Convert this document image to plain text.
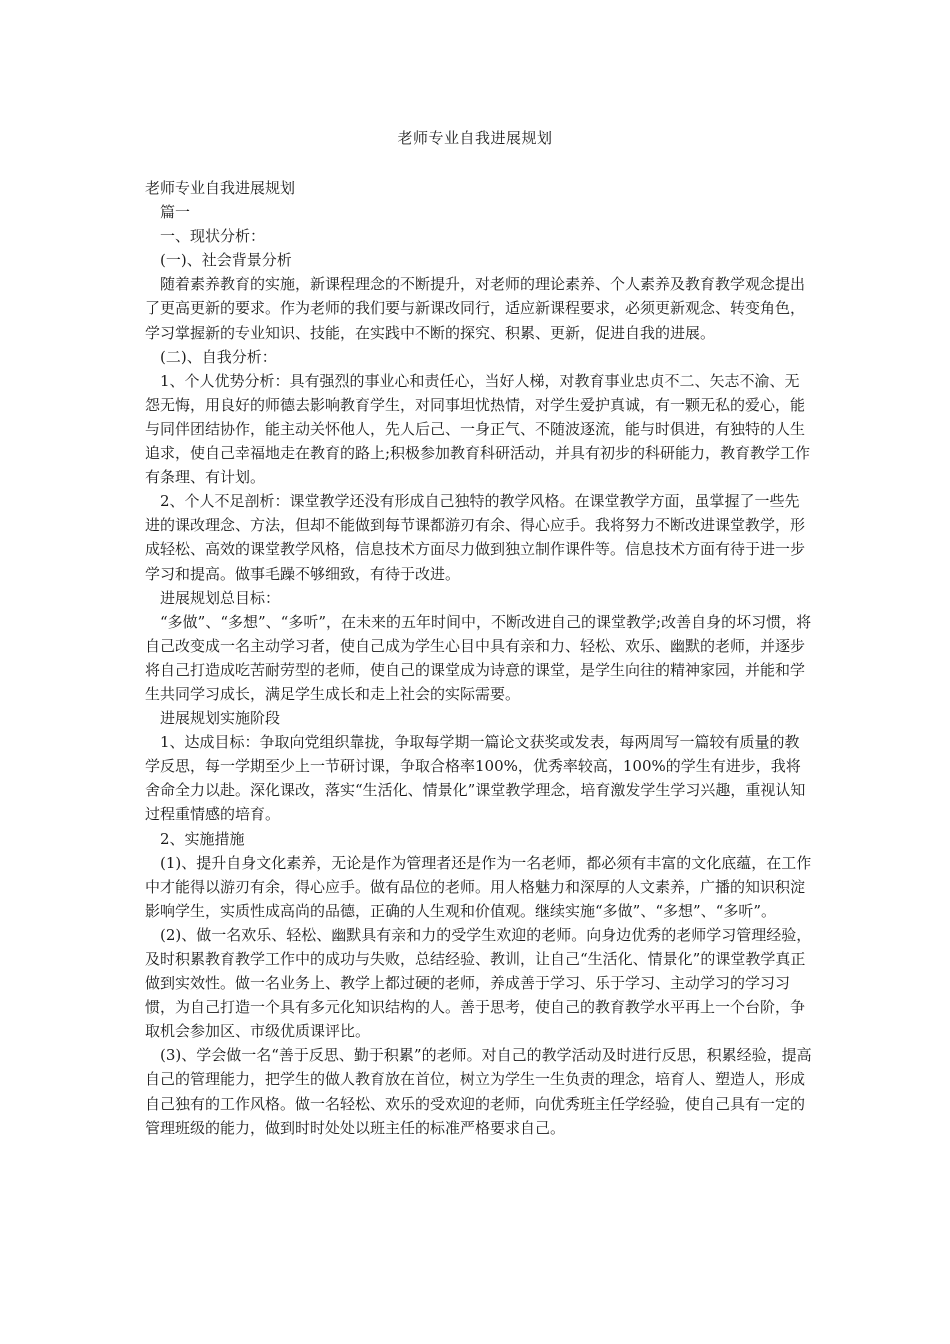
老师专业自我进展规划

老师专业自我进展规划

篇一

一、现状分析：

(一)、社会背景分析

随着素养教育的实施，新课程理念的不断提升，对老师的理论素养、个人素养及教育教学观念提出了更高更新的要求。作为老师的我们要与新课改同行，适应新课程要求，必须更新观念、转变角色，学习掌握新的专业知识、技能，在实践中不断的探究、积累、更新，促进自我的进展。

(二)、自我分析：

1、个人优势分析：具有强烈的事业心和责任心，当好人梯，对教育事业忠贞不二、矢志不渝、无怨无悔，用良好的师德去影响教育学生，对同事坦忧热情，对学生爱护真诚，有一颗无私的爱心，能与同伴团结协作，能主动关怀他人，先人后己、一身正气、不随波逐流，能与时俱进，有独特的人生追求，使自己幸福地走在教育的路上;积极参加教育科研活动，并具有初步的科研能力，教育教学工作有条理、有计划。

2、个人不足剖析：课堂教学还没有形成自己独特的教学风格。在课堂教学方面，虽掌握了一些先进的课改理念、方法，但却不能做到每节课都游刃有余、得心应手。我将努力不断改进课堂教学，形成轻松、高效的课堂教学风格，信息技术方面尽力做到独立制作课件等。信息技术方面有待于进一步学习和提高。做事毛躁不够细致，有待于改进。

进展规划总目标：

“多做”、“多想”、“多听”，在未来的五年时间中，不断改进自己的课堂教学;改善自身的坏习惯，将自己改变成一名主动学习者，使自己成为学生心目中具有亲和力、轻松、欢乐、幽默的老师，并逐步将自己打造成吃苦耐劳型的老师，使自己的课堂成为诗意的课堂，是学生向往的精神家园，并能和学生共同学习成长，满足学生成长和走上社会的实际需要。

进展规划实施阶段

1、达成目标：争取向党组织靠拢，争取每学期一篇论文获奖或发表，每两周写一篇较有质量的教学反思，每一学期至少上一节研讨课，争取合格率100%，优秀率较高，100%的学生有进步，我将舍命全力以赴。深化课改，落实“生活化、情景化”课堂教学理念，培育激发学生学习兴趣，重视认知过程重情感的培育。

2、实施措施

(1)、提升自身文化素养，无论是作为管理者还是作为一名老师，都必须有丰富的文化底蕴，在工作中才能得以游刃有余，得心应手。做有品位的老师。用人格魅力和深厚的人文素养，广播的知识积淀影响学生，实质性成高尚的品德，正确的人生观和价值观。继续实施“多做”、“多想”、“多听”。

(2)、做一名欢乐、轻松、幽默具有亲和力的受学生欢迎的老师。向身边优秀的老师学习管理经验，及时积累教育教学工作中的成功与失败，总结经验、教训，让自己“生活化、情景化”的课堂教学真正做到实效性。做一名业务上、教学上都过硬的老师，养成善于学习、乐于学习、主动学习的学习习惯，为自己打造一个具有多元化知识结构的人。善于思考，使自己的教育教学水平再上一个台阶，争取机会参加区、市级优质课评比。

(3)、学会做一名“善于反思、勤于积累”的老师。对自己的教学活动及时进行反思，积累经验，提高自己的管理能力，把学生的做人教育放在首位，树立为学生一生负责的理念，培育人、塑造人，形成自己独有的工作风格。做一名轻松、欢乐的受欢迎的老师，向优秀班主任学经验，使自己具有一定的管理班级的能力，做到时时处处以班主任的标准严格要求自己。
